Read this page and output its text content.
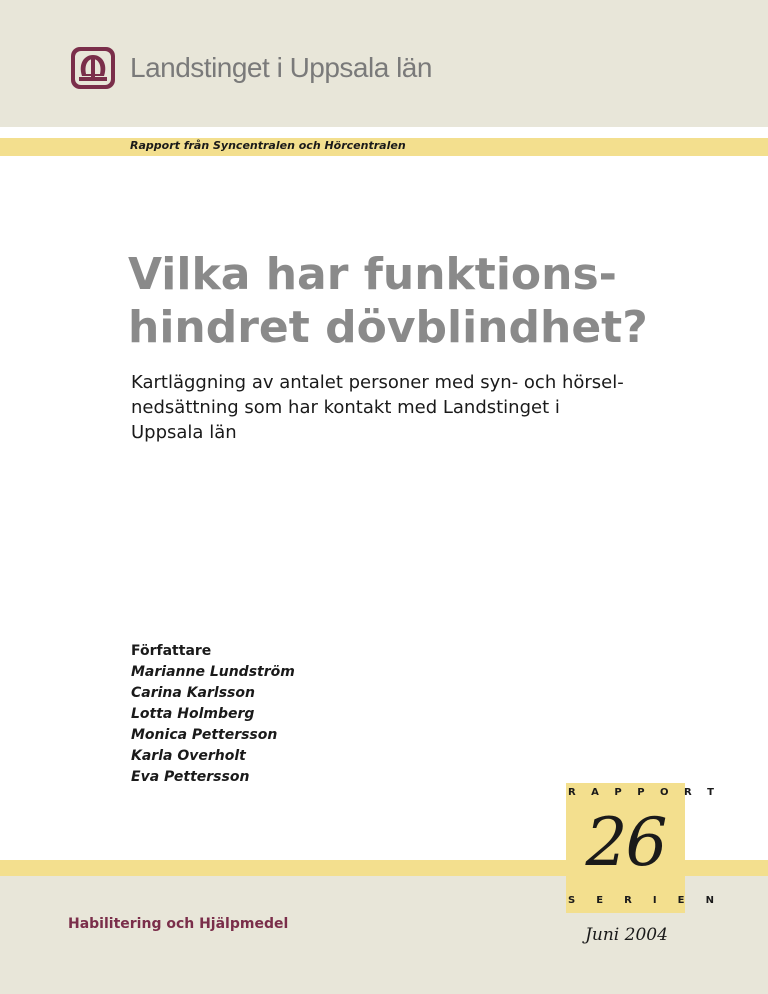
Landstinget i Uppsala län
Rapport från Syncentralen och Hörcentralen
Vilka har funktions-
hindret dövblindhet?

Kartläggning av antalet personer med syn- och hörsel-
nedsättning som har kontakt med Landstinget i
Uppsala län

Författare

Marianne Lundström

Carina Karlsson

Lotta Holmberg

Monica Pettersson

Karla Overholt

Eva Pettersson

Habilitering och Hjälpmedel
R A P P O R T
26
S E R I E N
Juni 2004
